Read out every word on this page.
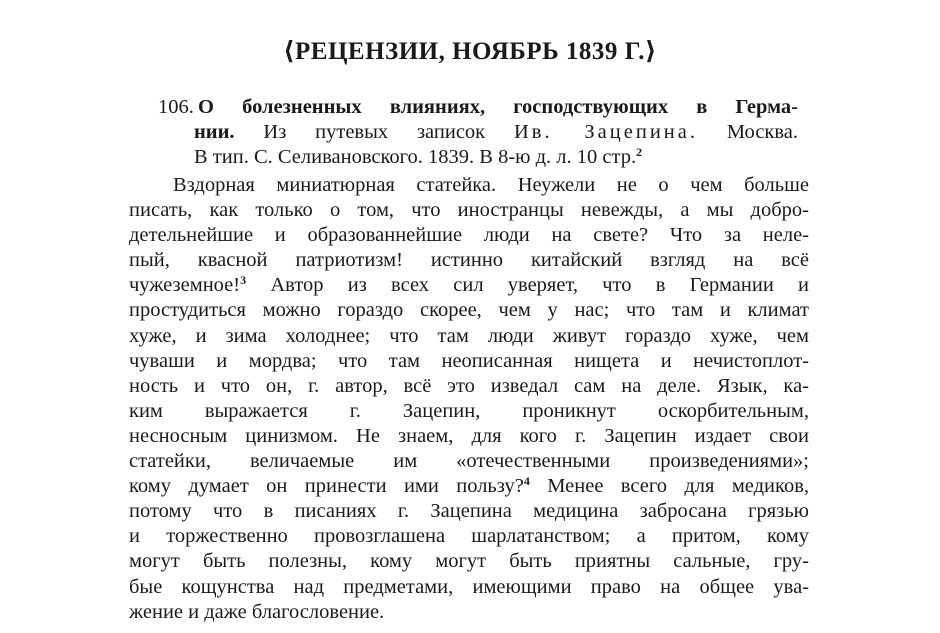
⟨РЕЦЕНЗИИ, НОЯБРЬ 1839 Г.⟩
106. О болезненных влияниях, господствующих в Герма-
нии. Из путевых записок Ив. Зацепина. Москва.
В тип. С. Селивановского. 1839. В 8-ю д. л. 10 стр.$^2$
Вздорная миниатюрная статейка. Неужели не о чем больше
писать, как только о том, что иностранцы невежды, а мы добро-
детельнейшие и образованнейшие люди на свете? Что за неле-
пый, квасной патриотизм! истинно китайский взгляд на всё
чужеземное!$^3$ Автор из всех сил уверяет, что в Германии и
простудиться можно гораздо скорее, чем у нас; что там и климат
хуже, и зима холоднее; что там люди живут гораздо хуже, чем
чуваши и мордва; что там неописанная нищета и нечистоплот-
ность и что он, г. автор, всё это изведал сам на деле. Язык, ка-
ким выражается г. Зацепин, проникнут оскорбительным,
несносным цинизмом. Не знаем, для кого г. Зацепин издает свои
статейки, величаемые им «отечественными произведениями»;
кому думает он принести ими пользу?$^4$ Менее всего для медиков,
потому что в писаниях г. Зацепина медицина забросана грязью
и торжественно провозглашена шарлатанством; а притом, кому
могут быть полезны, кому могут быть приятны сальные, гру-
бые кощунства над предметами, имеющими право на общее ува-
жение и даже благословение.
